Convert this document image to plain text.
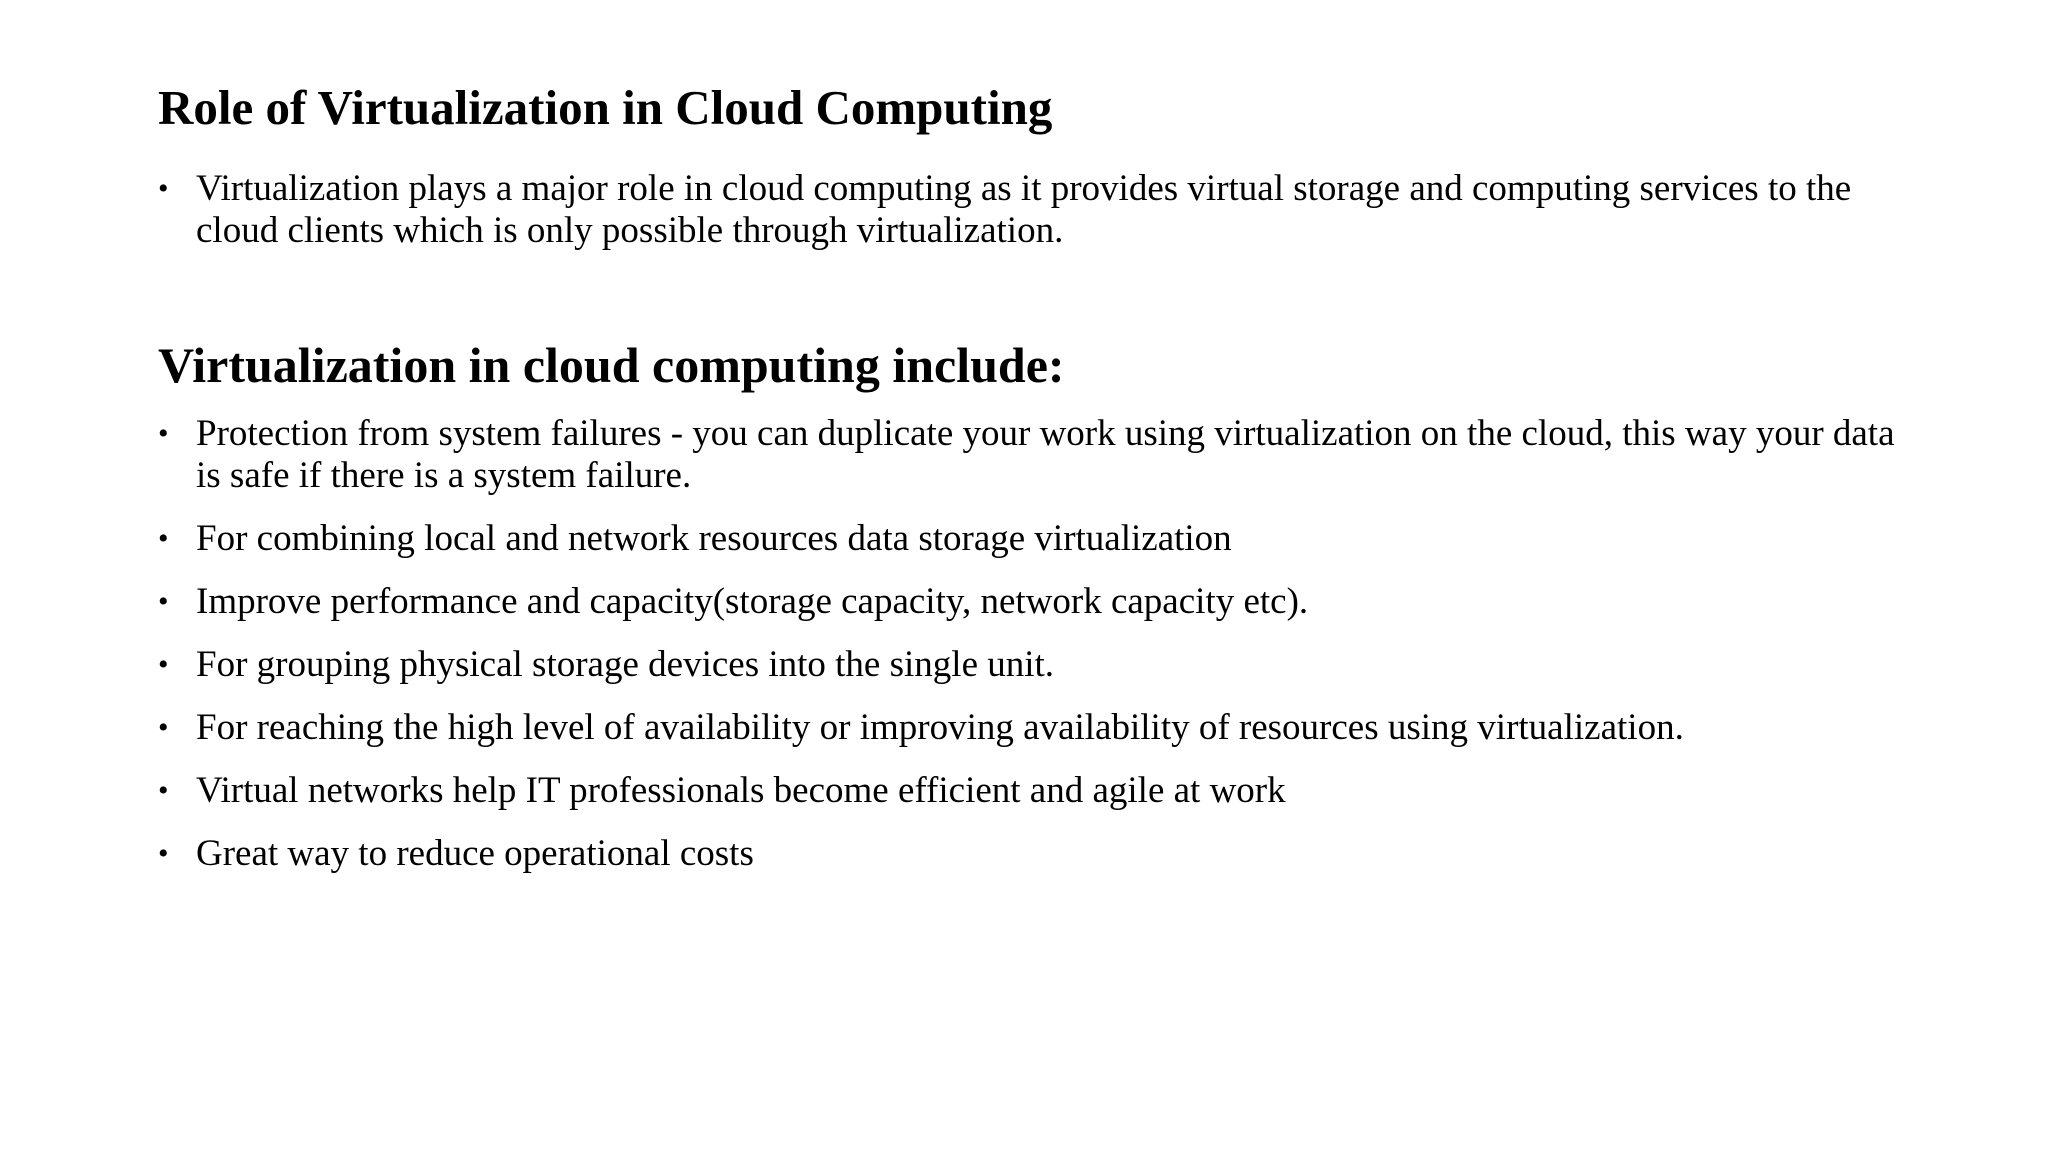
Role of Virtualization in Cloud Computing
• Virtualization plays a major role in cloud computing as it provides virtual storage and computing services to the cloud clients which is only possible through virtualization.
Virtualization in cloud computing include:
• Protection from system failures - you can duplicate your work using virtualization on the cloud, this way your data is safe if there is a system failure.
• For combining local and network resources data storage virtualization
• Improve performance and capacity(storage capacity, network capacity etc).
• For grouping physical storage devices into the single unit.
• For reaching the high level of availability or improving availability of resources using virtualization.
• Virtual networks help IT professionals become efficient and agile at work
• Great way to reduce operational costs
